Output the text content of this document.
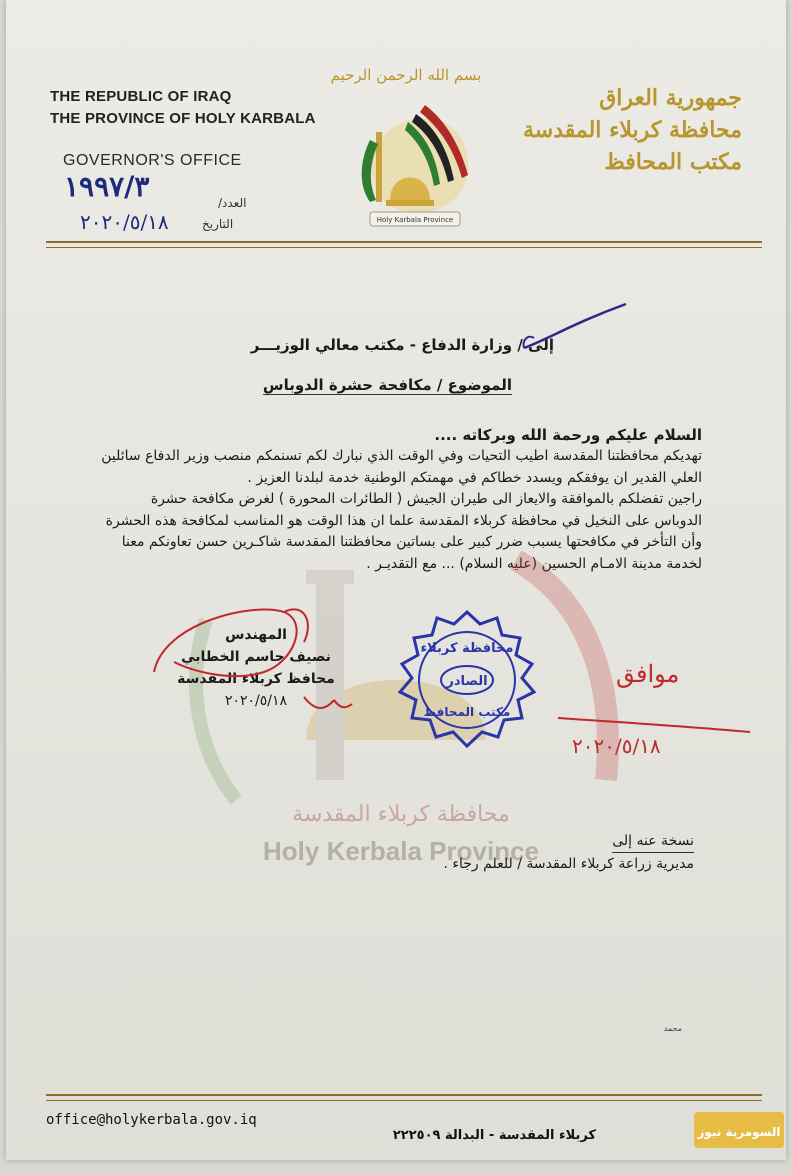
THE REPUBLIC OF IRAQ
THE PROVINCE OF HOLY KARBALA
GOVERNOR'S OFFICE
العدد/
التاريخ
١٩٩٧/٣
٢٠٢٠/٥/١٨
بسم الله الرحمن الرحيم
Holy Karbala Province
جمهورية العراق
محافظة كربلاء المقدسة
مكتب المحافظ
إلى / وزارة الدفاع - مكتب معالي الوزيـــر
الموضوع / مكافحة حشرة الدوباس
السلام عليكم ورحمة الله وبركاته ....

تهديكم محافظتنا المقدسة اطيب التحيات وفي الوقت الذي نبارك لكم تسنمكم منصب وزير الدفاع سائلين

العلي القدير ان يوفقكم ويسدد خطاكم في مهمتكم الوطنية خدمة لبلدنا العزيز .

راجين تفضلكم بالموافقة والايعاز الى طيران الجيش ( الطائرات المحورة ) لغرض مكافحة حشرة

الدوباس على النخيل في محافظة كربلاء المقدسة علما ان هذا الوقت هو المناسب لمكافحة هذه الحشرة

وأن التأخر في مكافحتها يسبب ضرر كبير على بساتين محافظتنا المقدسة شاكـرين حسن تعاونكم معنا

لخدمة مدينة الامـام الحسين (عليه السلام) ... مع التقديـر .

محافظة كربلاء المقدسة
Holy Kerbala Province
المهندس
نصيف جاسم الخطابي
محافظ كربلاء المقدسة
٢٠٢٠/٥/١٨
محافظة كربلاء
الصادر
مكتب المحافظ
موافق
٢٠٢٠/٥/١٨
نسخة عنه إلى
مديرية زراعة كربلاء المقدسة / للعلم رجاء .
محمد
office@holykerbala.gov.iq
كربلاء المقدسة - البدالة ٢٢٢٥٠٩	السومرية نيوز
